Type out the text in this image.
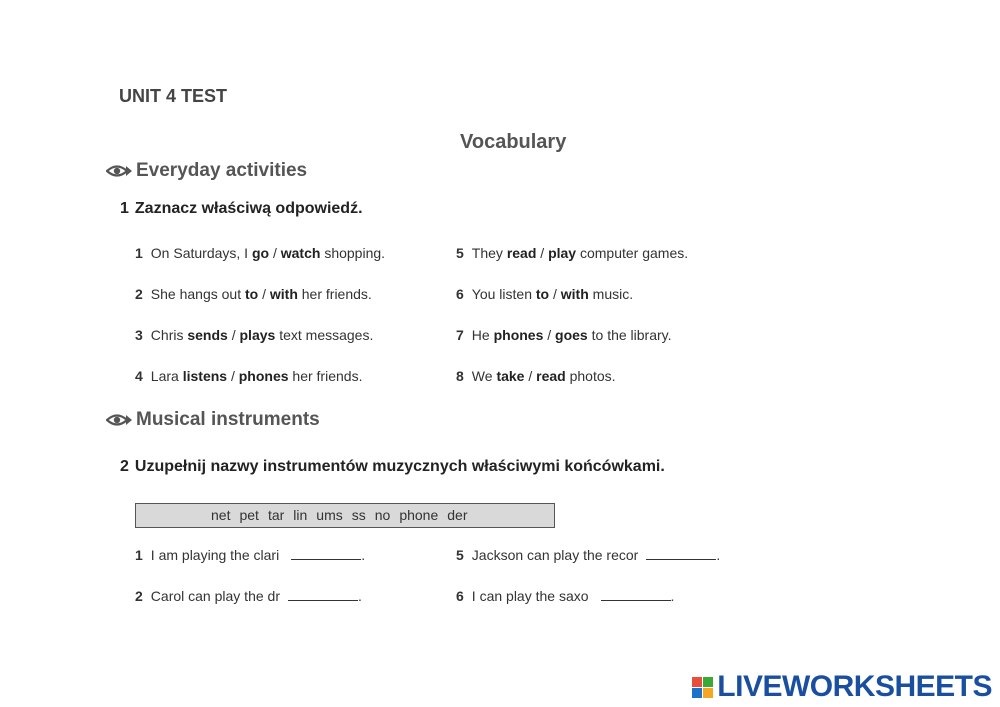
UNIT 4 TEST
Vocabulary
Everyday activities
1 Zaznacz właściwą odpowiedź.
1 On Saturdays, I go / watch shopping.
2 She hangs out to / with her friends.
3 Chris sends / plays text messages.
4 Lara listens / phones her friends.
5 They read / play computer games.
6 You listen to / with music.
7 He phones / goes to the library.
8 We take / read photos.
Musical instruments
2 Uzupełnij nazwy instrumentów muzycznych właściwymi końcówkami.
net pet tar lin ums ss no phone der
1 I am playing the clari	.
2 Carol can play the dr	.
5 Jackson can play the recor	.
6 I can play the saxo	.
LIVEWORKSHEETS
